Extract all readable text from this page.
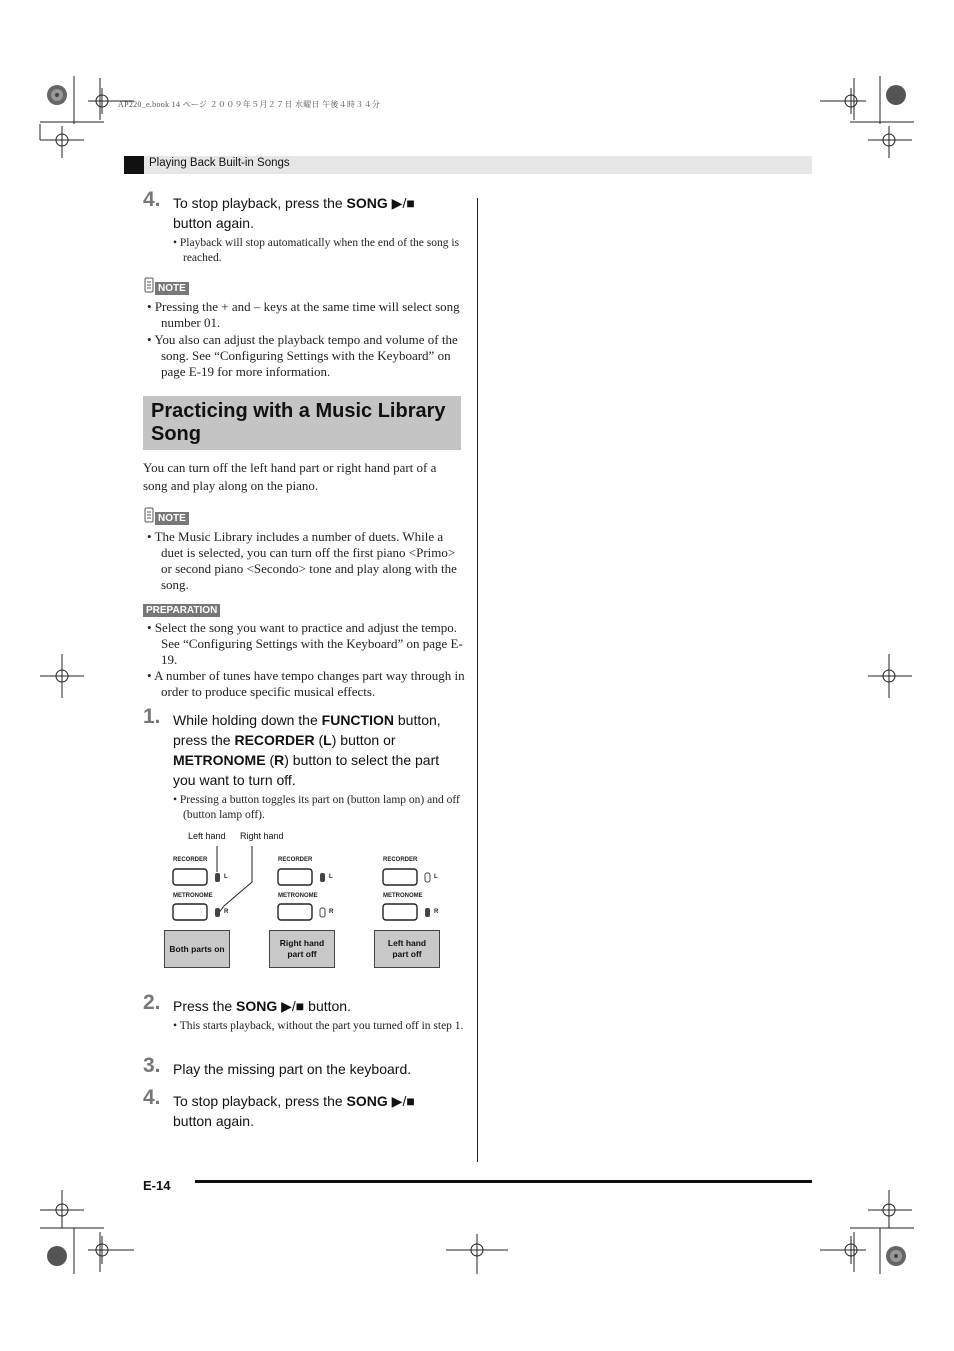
AP220_e.book 14 ページ ２００９年５月２７日 水曜日 午後４時３４分
Playing Back Built-in Songs
4. To stop playback, press the SONG ▶/■
button again.
• Playback will stop automatically when the end of the song is reached.
NOTE
• Pressing the + and – keys at the same time will select song number 01.
• You also can adjust the playback tempo and volume of the song. See “Configuring Settings with the Keyboard” on page E-19 for more information.
Practicing with a Music Library Song
You can turn off the left hand part or right hand part of a song and play along on the piano.
NOTE
• The Music Library includes a number of duets. While a duet is selected, you can turn off the first piano <Primo> or second piano <Secondo> tone and play along with the song.
PREPARATION
• Select the song you want to practice and adjust the tempo. See “Configuring Settings with the Keyboard” on page E-19.
• A number of tunes have tempo changes part way through in order to produce specific musical effects.
1. While holding down the FUNCTION button, press the RECORDER (L) button or METRONOME (R) button to select the part you want to turn off.
• Pressing a button toggles its part on (button lamp on) and off (button lamp off).
Left hand Right hand
RECORDER
METRONOME
L
R
RECORDER
METRONOME
L
R
RECORDER
METRONOME
L
R
Both parts on
Right hand part off
Left hand part off
2. Press the SONG ▶/■ button.
• This starts playback, without the part you turned off in step 1.
3. Play the missing part on the keyboard.
4. To stop playback, press the SONG ▶/■
button again.
E-14
